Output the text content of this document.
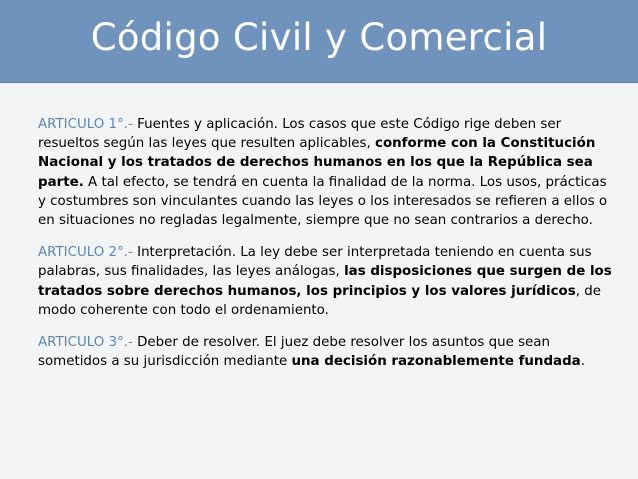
Código Civil y Comercial

ARTICULO 1°.- Fuentes y aplicación. Los casos que este Código rige deben ser resueltos según las leyes que resulten aplicables, conforme con la Constitución Nacional y los tratados de derechos humanos en los que la República sea parte. A tal efecto, se tendrá en cuenta la finalidad de la norma. Los usos, prácticas y costumbres son vinculantes cuando las leyes o los interesados se refieren a ellos o en situaciones no regladas legalmente, siempre que no sean contrarios a derecho.

ARTICULO 2°.- Interpretación. La ley debe ser interpretada teniendo en cuenta sus palabras, sus finalidades, las leyes análogas, las disposiciones que surgen de los tratados sobre derechos humanos, los principios y los valores jurídicos, de modo coherente con todo el ordenamiento.

ARTICULO 3°.- Deber de resolver. El juez debe resolver los asuntos que sean sometidos a su jurisdicción mediante una decisión razonablemente fundada.
